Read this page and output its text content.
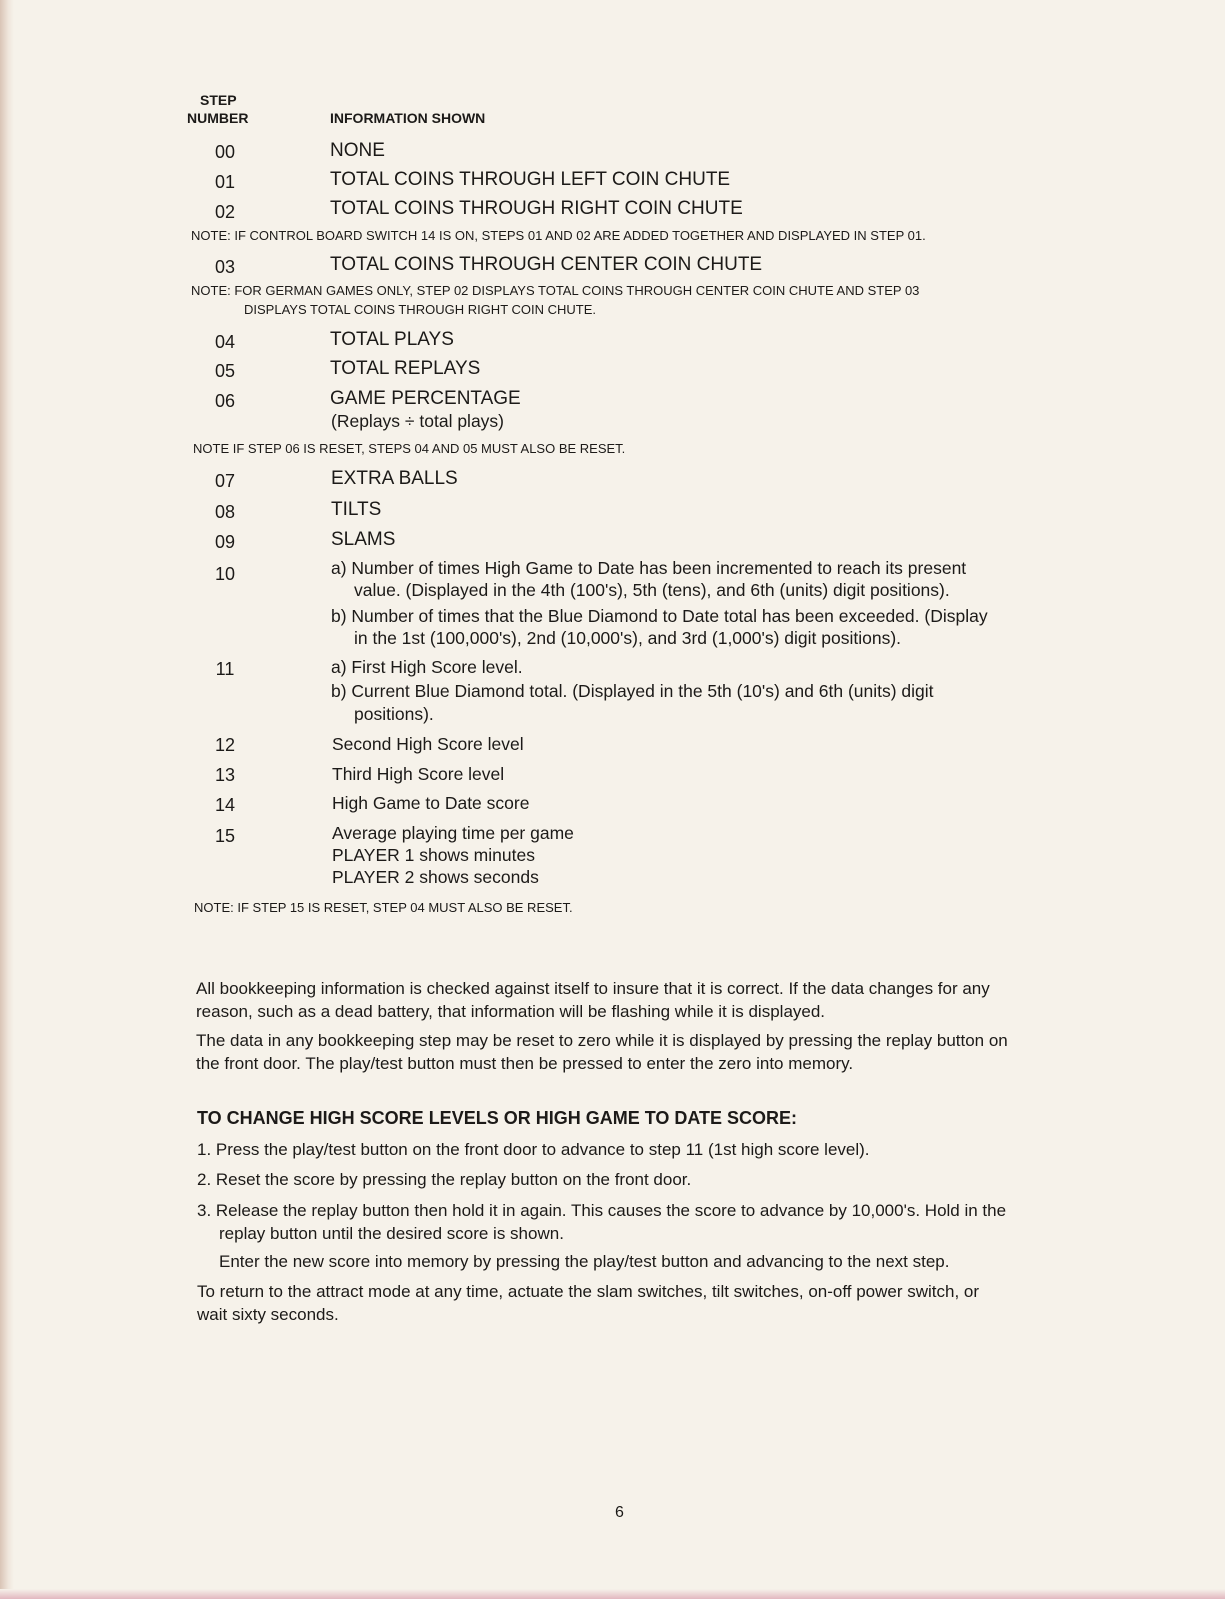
STEP
NUMBER	INFORMATION SHOWN
00	NONE
01	TOTAL COINS THROUGH LEFT COIN CHUTE
02	TOTAL COINS THROUGH RIGHT COIN CHUTE
NOTE: IF CONTROL BOARD SWITCH 14 IS ON, STEPS 01 AND 02 ARE ADDED TOGETHER AND DISPLAYED IN STEP 01.
03	TOTAL COINS THROUGH CENTER COIN CHUTE
NOTE: FOR GERMAN GAMES ONLY, STEP 02 DISPLAYS TOTAL COINS THROUGH CENTER COIN CHUTE AND STEP 03
DISPLAYS TOTAL COINS THROUGH RIGHT COIN CHUTE.
04	TOTAL PLAYS
05	TOTAL REPLAYS
06	GAME PERCENTAGE
(Replays ÷ total plays)
NOTE IF STEP 06 IS RESET, STEPS 04 AND 05 MUST ALSO BE RESET.
07	EXTRA BALLS
08	TILTS
09	SLAMS
10	a) Number of times High Game to Date has been incremented to reach its present
value. (Displayed in the 4th (100's), 5th (tens), and 6th (units) digit positions).
b) Number of times that the Blue Diamond to Date total has been exceeded. (Display
in the 1st (100,000's), 2nd (10,000's), and 3rd (1,000's) digit positions).
11	a) First High Score level.
b) Current Blue Diamond total. (Displayed in the 5th (10's) and 6th (units) digit
positions).
12	Second High Score level
13	Third High Score level
14	High Game to Date score
15	Average playing time per game
PLAYER 1 shows minutes
PLAYER 2 shows seconds
NOTE: IF STEP 15 IS RESET, STEP 04 MUST ALSO BE RESET.
All bookkeeping information is checked against itself to insure that it is correct. If the data changes for any
reason, such as a dead battery, that information will be flashing while it is displayed.
The data in any bookkeeping step may be reset to zero while it is displayed by pressing the replay button on
the front door. The play/test button must then be pressed to enter the zero into memory.
TO CHANGE HIGH SCORE LEVELS OR HIGH GAME TO DATE SCORE:
1. Press the play/test button on the front door to advance to step 11 (1st high score level).
2. Reset the score by pressing the replay button on the front door.
3. Release the replay button then hold it in again. This causes the score to advance by 10,000's. Hold in the
replay button until the desired score is shown.
Enter the new score into memory by pressing the play/test button and advancing to the next step.
To return to the attract mode at any time, actuate the slam switches, tilt switches, on-off power switch, or
wait sixty seconds.
6
